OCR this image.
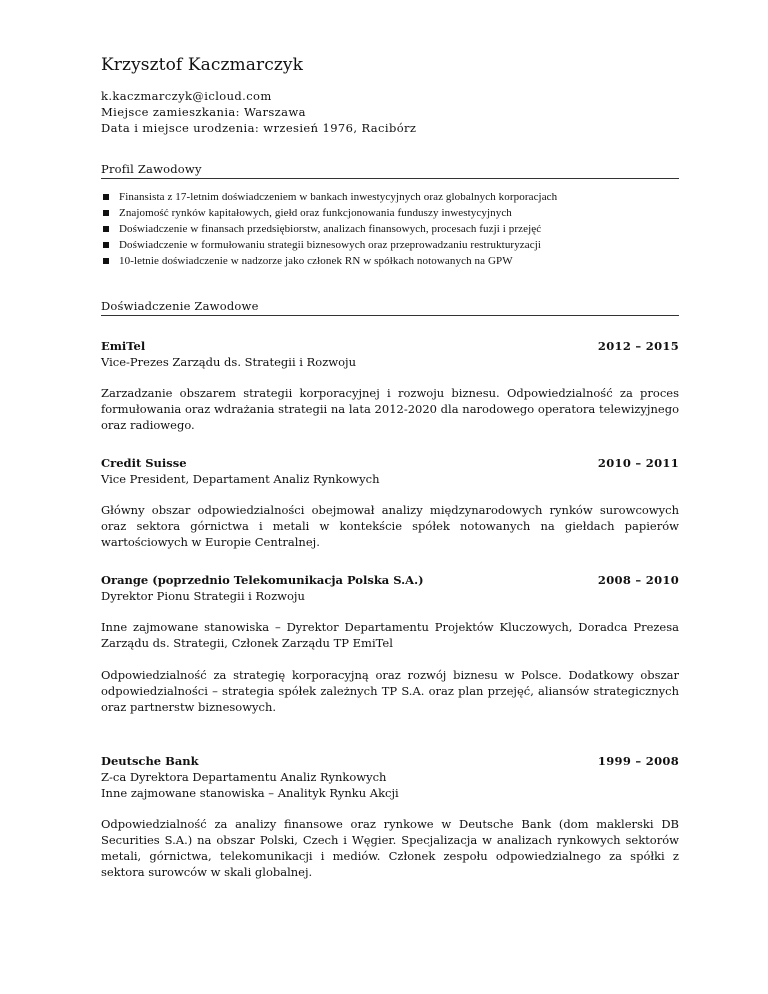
Krzysztof Kaczmarczyk
k.kaczmarczyk@icloud.com
Miejsce zamieszkania: Warszawa
Data i miejsce urodzenia: wrzesień 1976, Racibórz
Profil Zawodowy
Finansista z 17-letnim doświadczeniem w bankach inwestycyjnych oraz globalnych korporacjach
Znajomość rynków kapitałowych, giełd oraz funkcjonowania funduszy inwestycyjnych
Doświadczenie w finansach przedsiębiorstw, analizach finansowych, procesach fuzji i przejęć
Doświadczenie w formułowaniu strategii biznesowych oraz przeprowadzaniu restrukturyzacji
10-letnie doświadczenie w nadzorze jako członek RN w spółkach notowanych na GPW
Doświadczenie Zawodowe
EmiTel	2012 – 2015
Vice-Prezes Zarządu ds. Strategii i Rozwoju
Zarzadzanie obszarem strategii korporacyjnej i rozwoju biznesu. Odpowiedzialność za proces formułowania oraz wdrażania strategii na lata 2012-2020 dla narodowego operatora telewizyjnego oraz radiowego.
Credit Suisse	2010 – 2011
Vice President, Departament Analiz Rynkowych
Główny obszar odpowiedzialności obejmował analizy międzynarodowych rynków surowcowych oraz sektora górnictwa i metali w kontekście spółek notowanych na giełdach papierów wartościowych w Europie Centralnej.
Orange (poprzednio Telekomunikacja Polska S.A.)	2008 – 2010
Dyrektor Pionu Strategii i Rozwoju
Inne zajmowane stanowiska – Dyrektor Departamentu Projektów Kluczowych, Doradca Prezesa Zarządu ds. Strategii, Członek Zarządu TP EmiTel
Odpowiedzialność za strategię korporacyjną oraz rozwój biznesu w Polsce. Dodatkowy obszar odpowiedzialności – strategia spółek zależnych TP S.A. oraz plan przejęć, aliansów strategicznych oraz partnerstw biznesowych.
Deutsche Bank	1999 – 2008
Z-ca Dyrektora Departamentu Analiz Rynkowych
Inne zajmowane stanowiska – Analityk Rynku Akcji
Odpowiedzialność za analizy finansowe oraz rynkowe w Deutsche Bank (dom maklerski DB Securities S.A.) na obszar Polski, Czech i Węgier. Specjalizacja w analizach rynkowych sektorów metali, górnictwa, telekomunikacji i mediów. Członek zespołu odpowiedzialnego za spółki z sektora surowców w skali globalnej.
